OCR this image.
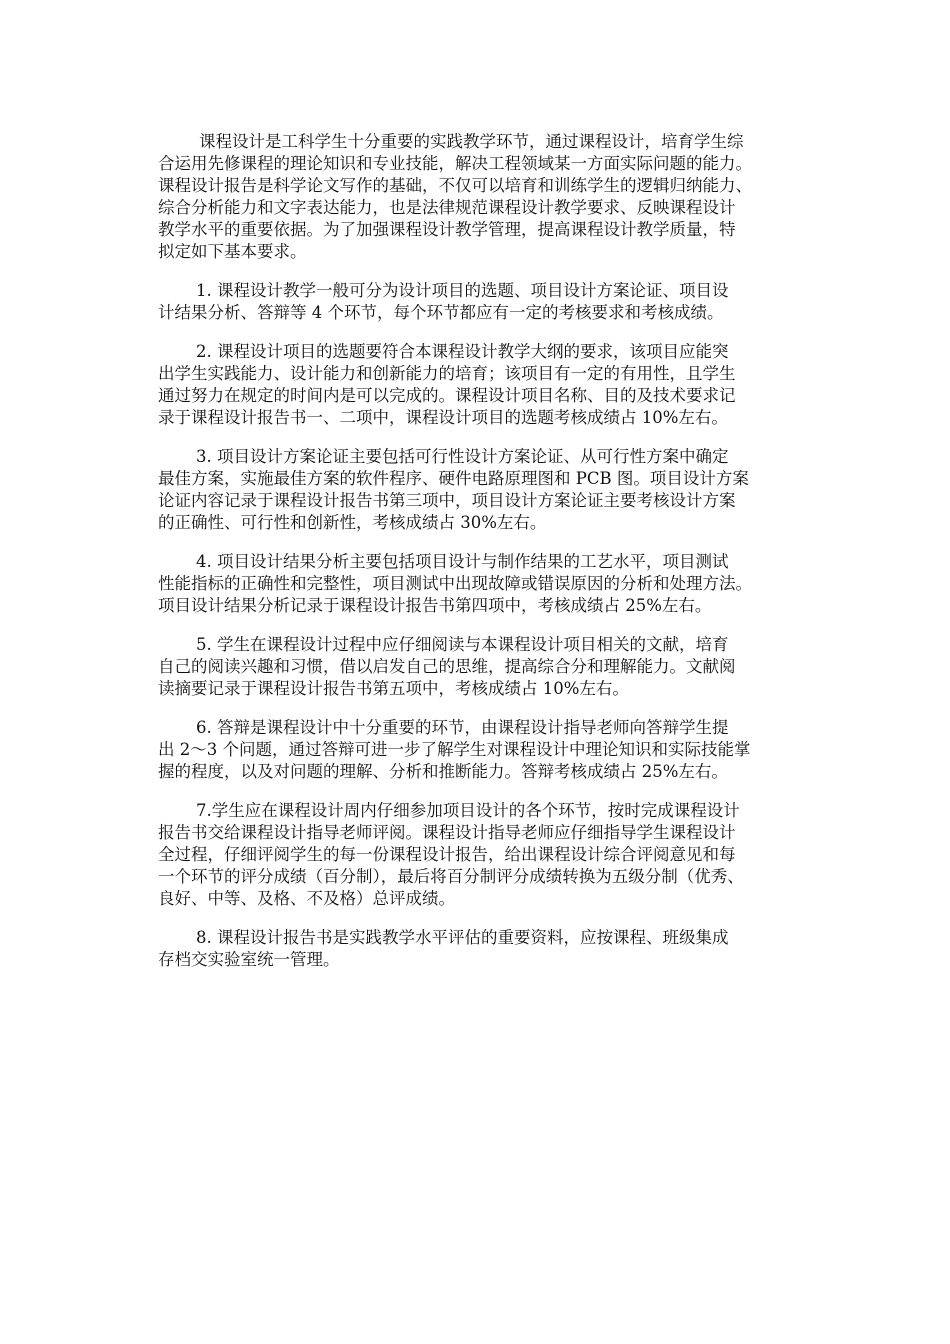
课程设计是工科学生十分重要的实践教学环节，通过课程设计，培育学生综
合运用先修课程的理论知识和专业技能，解决工程领域某一方面实际问题的能力。
课程设计报告是科学论文写作的基础，不仅可以培育和训练学生的逻辑归纳能力、
综合分析能力和文字表达能力，也是法律规范课程设计教学要求、反映课程设计
教学水平的重要依据。为了加强课程设计教学管理，提高课程设计教学质量，特
拟定如下基本要求。
1. 课程设计教学一般可分为设计项目的选题、项目设计方案论证、项目设
计结果分析、答辩等 4 个环节，每个环节都应有一定的考核要求和考核成绩。
2. 课程设计项目的选题要符合本课程设计教学大纲的要求，该项目应能突
出学生实践能力、设计能力和创新能力的培育；该项目有一定的有用性，且学生
通过努力在规定的时间内是可以完成的。课程设计项目名称、目的及技术要求记
录于课程设计报告书一、二项中，课程设计项目的选题考核成绩占 10%左右。
3. 项目设计方案论证主要包括可行性设计方案论证、从可行性方案中确定
最佳方案，实施最佳方案的软件程序、硬件电路原理图和 PCB 图。项目设计方案
论证内容记录于课程设计报告书第三项中，项目设计方案论证主要考核设计方案
的正确性、可行性和创新性，考核成绩占 30%左右。
4. 项目设计结果分析主要包括项目设计与制作结果的工艺水平，项目测试
性能指标的正确性和完整性，项目测试中出现故障或错误原因的分析和处理方法。
项目设计结果分析记录于课程设计报告书第四项中，考核成绩占 25%左右。
5. 学生在课程设计过程中应仔细阅读与本课程设计项目相关的文献，培育
自己的阅读兴趣和习惯，借以启发自己的思维，提高综合分和理解能力。文献阅
读摘要记录于课程设计报告书第五项中，考核成绩占 10%左右。
6. 答辩是课程设计中十分重要的环节，由课程设计指导老师向答辩学生提
出 2～3 个问题，通过答辩可进一步了解学生对课程设计中理论知识和实际技能掌
握的程度，以及对问题的理解、分析和推断能力。答辩考核成绩占 25%左右。
7.学生应在课程设计周内仔细参加项目设计的各个环节，按时完成课程设计
报告书交给课程设计指导老师评阅。课程设计指导老师应仔细指导学生课程设计
全过程，仔细评阅学生的每一份课程设计报告，给出课程设计综合评阅意见和每
一个环节的评分成绩（百分制），最后将百分制评分成绩转换为五级分制（优秀、
良好、中等、及格、不及格）总评成绩。
8. 课程设计报告书是实践教学水平评估的重要资料，应按课程、班级集成
存档交实验室统一管理。
